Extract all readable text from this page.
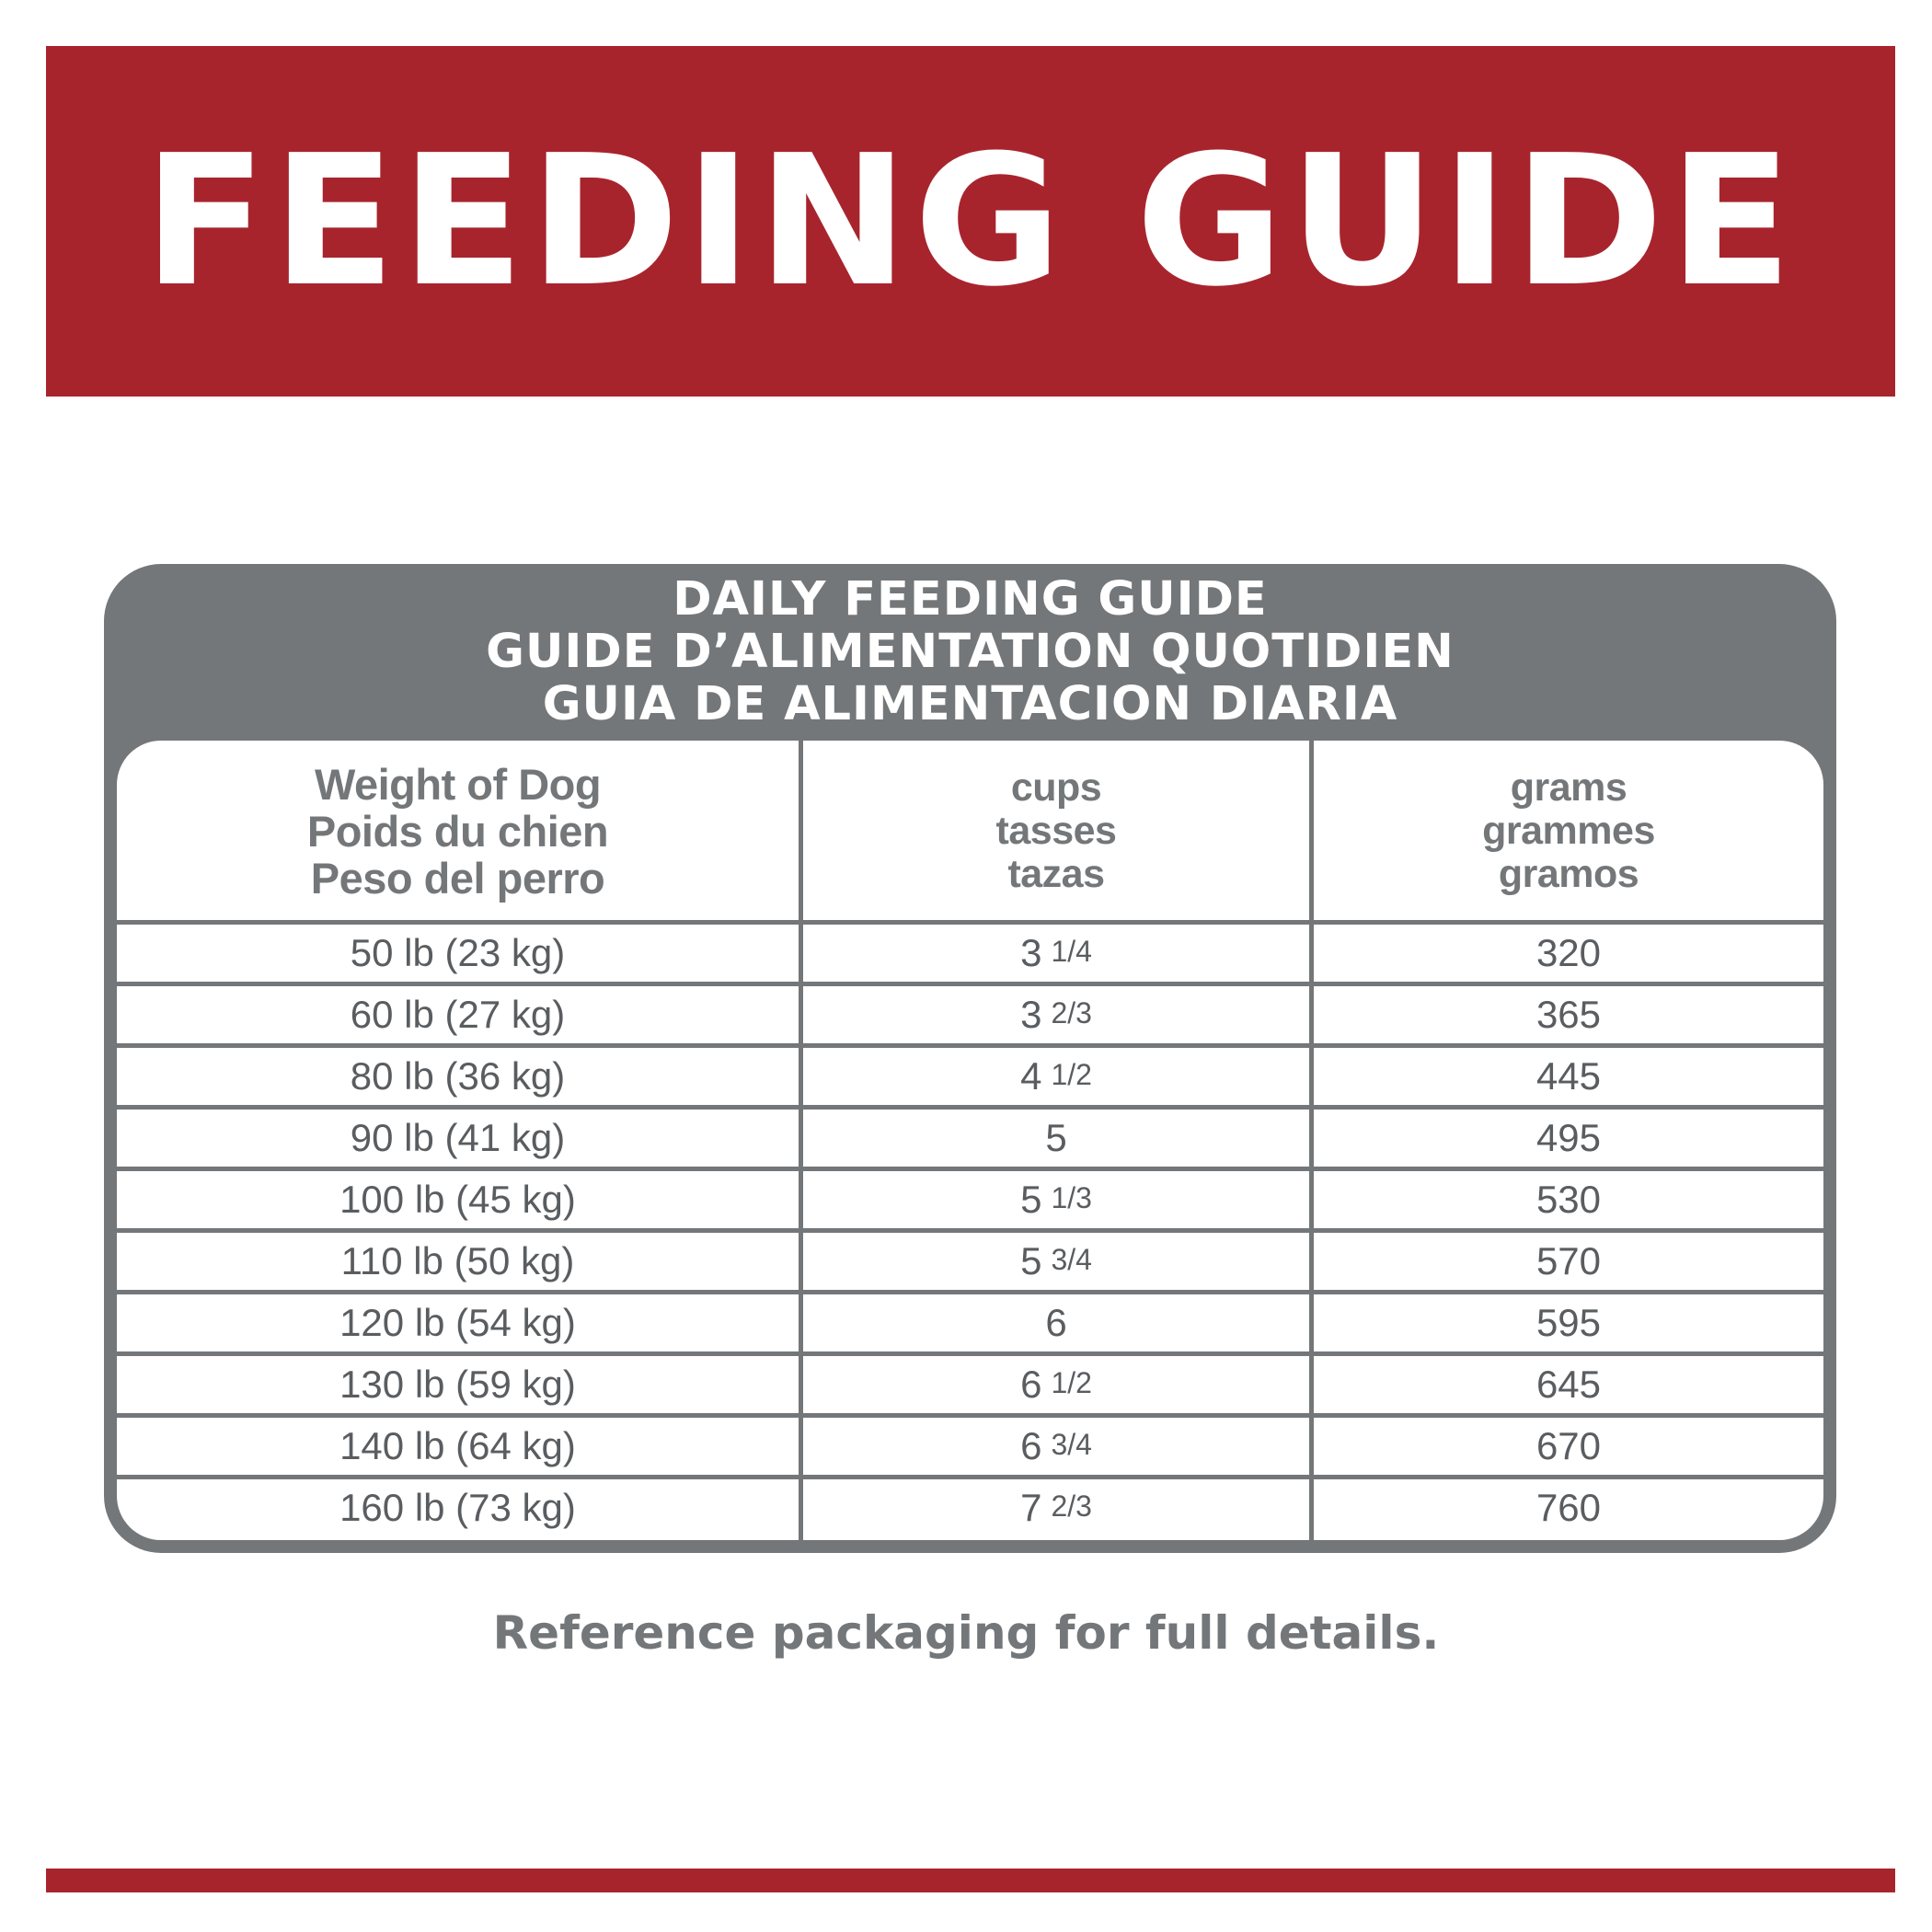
FEEDING GUIDE
DAILY FEEDING GUIDE
GUIDE D’ALIMENTATION QUOTIDIEN
GUIA DE ALIMENTACION DIARIA
Weight of Dog
Poids du chien
Peso del perro
cups
tasses
tazas
grams
grammes
gramos
50 lb (23 kg)	3 1/4	320
60 lb (27 kg)	3 2/3	365
80 lb (36 kg)	4 1/2	445
90 lb (41 kg)	5	495
100 lb (45 kg)	5 1/3	530
110 lb (50 kg)	5 3/4	570
120 lb (54 kg)	6	595
130 lb (59 kg)	6 1/2	645
140 lb (64 kg)	6 3/4	670
160 lb (73 kg)	7 2/3	760
Reference packaging for full details.
